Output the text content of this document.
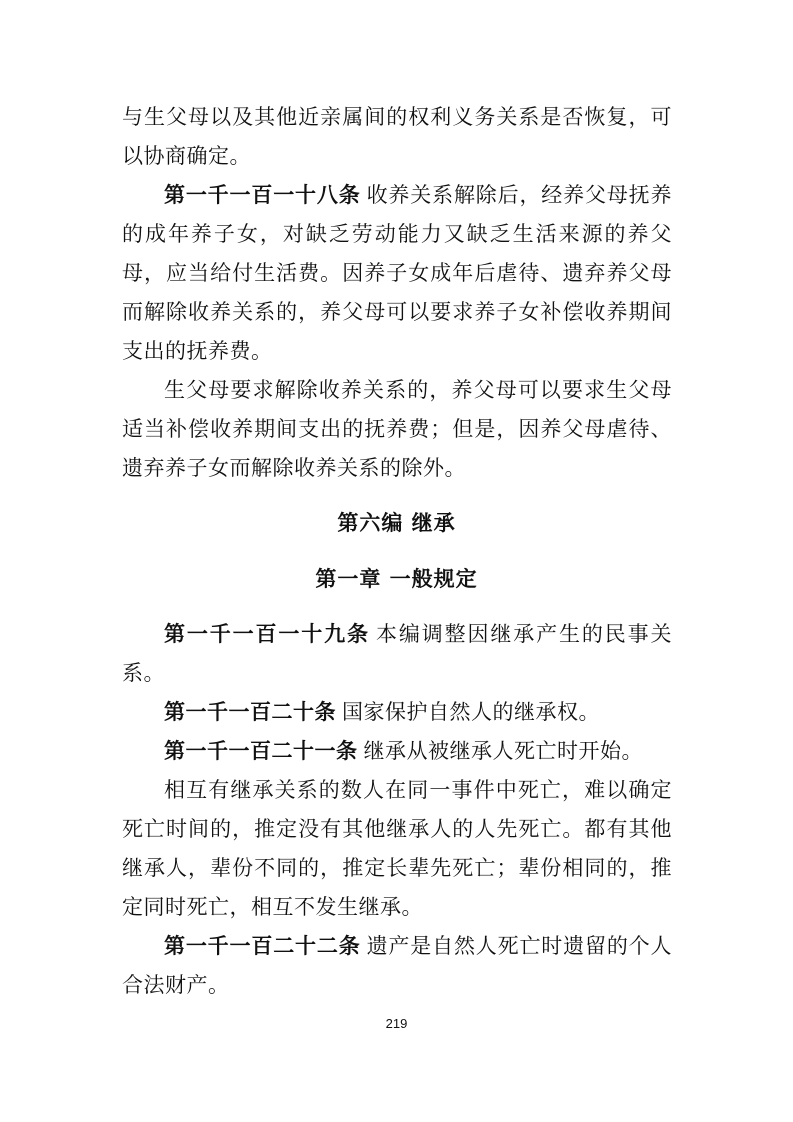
与生父母以及其他近亲属间的权利义务关系是否恢复，可以协商确定。

第一千一百一十八条 收养关系解除后，经养父母抚养的成年养子女，对缺乏劳动能力又缺乏生活来源的养父母，应当给付生活费。因养子女成年后虐待、遗弃养父母而解除收养关系的，养父母可以要求养子女补偿收养期间支出的抚养费。

生父母要求解除收养关系的，养父母可以要求生父母适当补偿收养期间支出的抚养费；但是，因养父母虐待、遗弃养子女而解除收养关系的除外。

第六编 继承
第一章 一般规定

第一千一百一十九条 本编调整因继承产生的民事关系。

第一千一百二十条 国家保护自然人的继承权。

第一千一百二十一条 继承从被继承人死亡时开始。

相互有继承关系的数人在同一事件中死亡，难以确定死亡时间的，推定没有其他继承人的人先死亡。都有其他继承人，辈份不同的，推定长辈先死亡；辈份相同的，推定同时死亡，相互不发生继承。

第一千一百二十二条 遗产是自然人死亡时遗留的个人合法财产。

219
